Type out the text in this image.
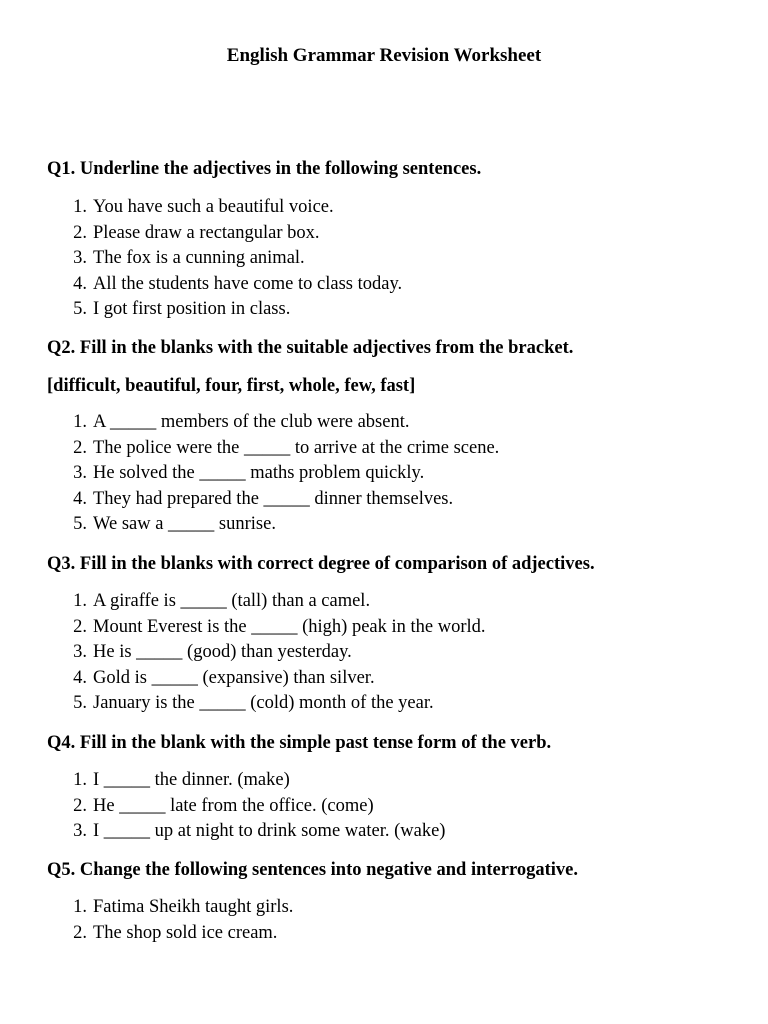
English Grammar Revision Worksheet

Q1. Underline the adjectives in the following sentences.

1. You have such a beautiful voice.
2. Please draw a rectangular box.
3. The fox is a cunning animal.
4. All the students have come to class today.
5. I got first position in class.

Q2. Fill in the blanks with the suitable adjectives from the bracket.

[difficult, beautiful, four, first, whole, few, fast]

1. A _____ members of the club were absent.
2. The police were the _____ to arrive at the crime scene.
3. He solved the _____ maths problem quickly.
4. They had prepared the _____ dinner themselves.
5. We saw a _____ sunrise.

Q3. Fill in the blanks with correct degree of comparison of adjectives.

1. A giraffe is _____ (tall) than a camel.
2. Mount Everest is the _____ (high) peak in the world.
3. He is _____ (good) than yesterday.
4. Gold is _____ (expansive) than silver.
5. January is the _____ (cold) month of the year.

Q4. Fill in the blank with the simple past tense form of the verb.

1. I _____ the dinner. (make)
2. He _____ late from the office. (come)
3. I _____ up at night to drink some water. (wake)

Q5. Change the following sentences into negative and interrogative.

1. Fatima Sheikh taught girls.
2. The shop sold ice cream.
